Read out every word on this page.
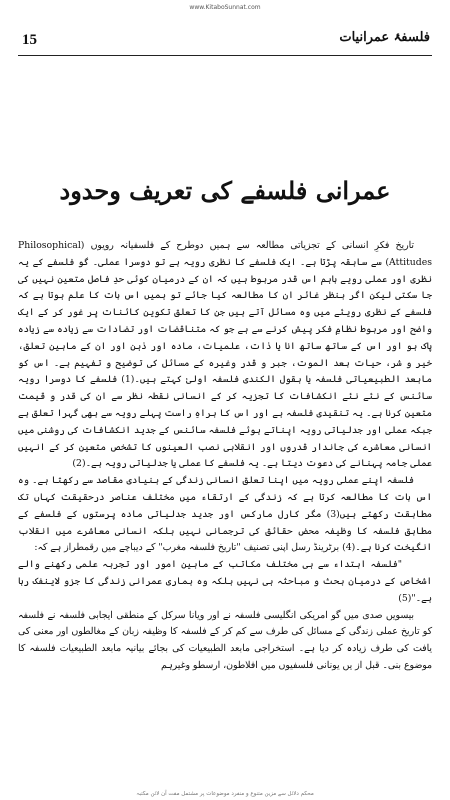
www.KitaboSunnat.com
15	فلسفۂ عمرانیات
عمرانی فلسفے کی تعریف وحدود

تاریخ فکرِ انسانی کے تجزیاتی مطالعہ سے ہمیں دوطرح کے فلسفیانہ رویوں (Philosophical Attitudes) سے سابقہ پڑتا ہے۔ ایک فلسفے کا نظری رویہ ہے تو دوسرا عملی۔ گو فلسفے کے یہ نظری اور عملی رویے باہم اس قدر مربوط ہیں کہ ان کے درمیان کوئی حدِ فاصل متعین نہیں کی جا سکتی لیکن اگر بنظر غائر ان کا مطالعہ کیا جائے تو ہمیں اس بات کا علم ہوتا ہے کہ فلسفے کے نظری رویئے میں وہ مسائل آتے ہیں جن کا تعلق تکوین کائنات پر غور کر کے ایک واضح اور مربوط نظامِ فکر پیش کرنے سے ہے جو کہ متناقضات اور تضادات سے زیادہ سے زیادہ پاک ہو اور اس کے ساتھ ساتھ انا یا ذات، علمیات، مادہ اور ذہن اور ان کے مابین تعلق، خیر و شر، حیات بعد الموت، جبر و قدر وغیرہ کے مسائل کی توضیح و تفہیم ہے۔ اس کو مابعد الطبیعیاتی فلسفہ یا بقول الکندی فلسفہ اولیٰ کہتے ہیں۔(1) فلسفے کا دوسرا رویہ سائنس کے نئے نئے انکشافات کا تجزیہ کر کے انسانی نقطہ نظر سے ان کی قدر و قیمت متعین کرنا ہے۔ یہ تنقیدی فلسفہ ہے اور اس کا براہِ راست پہلے رویہ سے بھی گہرا تعلق ہے جبکہ عملی اور جدلیاتی رویہ اپناتے ہوئے فلسفہ سائنس کے جدید انکشافات کی روشنی میں انسانی معاشرے کی جاندار قدروں اور انقلابی نصب العینوں کا تشخص متعین کر کے انہیں عملی جامہ پہنانے کی دعوت دیتا ہے۔ یہ فلسفے کا عملی یا جدلیاتی رویہ ہے۔(2)

فلسفہ اپنے عملی رویہ میں اپنا تعلق انسانی زندگی کے بنیادی مقاصد سے رکھتا ہے۔ وہ اس بات کا مطالعہ کرتا ہے کہ زندگی کے ارتقاء میں مختلف عناصر درحقیقت کہاں تک مطابقت رکھتے ہیں(3) مگر کارل مارکس اور جدید جدلیاتی مادہ پرستوں کے فلسفے کے مطابق فلسفہ کا وظیفہ محض حقائق کی ترجمانی نہیں بلکہ انسانی معاشرے میں انقلاب انگیخت کرنا ہے۔(4) برٹرینڈ رسل اپنی تصنیف "تاریخ فلسفہ مغرب" کے دیباچے میں رقمطراز ہے کہ:

"فلسفہ ابتداء سے ہی مختلف مکاتب کے مابین امور اور تجربہ علمی رکھنے والے اشخاص کے درمیان بحث و مباحثہ ہی نہیں بلکہ وہ ہماری عمرانی زندگی کا جزو لاینفک رہا ہے۔"(5)

بیسویں صدی میں گو امریکی انگلیسی فلسفہ نے اور ویانا سرکل کے منطقی ایجابی فلسفہ نے فلسفہ کو تاریخ عملی زندگی کے مسائل کی طرف سے کم کر کے فلسفہ کا وظیفہ زبان کے مغالطوں اور معنی کی یافت کی طرف زیادہ کر دیا ہے۔ استخراجی مابعد الطبیعیات کی بجائے بیانیہ مابعد الطبیعیات فلسفہ کا موضوع بنی۔ قبل از یں یونانی فلسفیوں میں افلاطون، ارسطو وغیرہم

محکم دلائل سے مزین متنوع و منفرد موضوعات پر مشتمل مفت آن لائن مکتبہ
